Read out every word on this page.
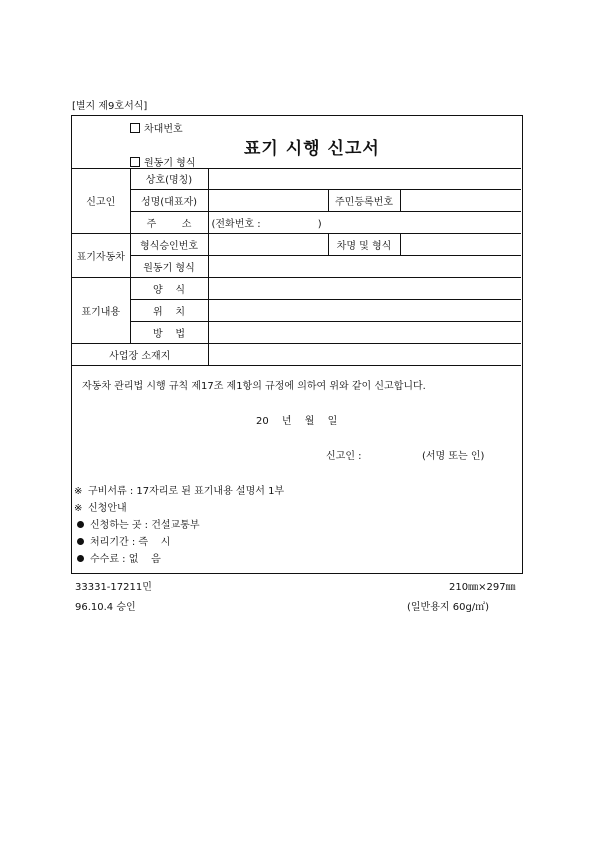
[별지 제9호서식]
차대번호
원동기 형식
표기 시행 신고서
신고인	상호(명칭)			
	성명(대표자)		주민등록번호	
	주        소	(전화번호 :                  )		
표기자동차	형식승인번호		차명 및 형식	
	원동기 형식			
표기내용	양    식			
	위    치			
	방    법			
사업장 소재지				
자동차 관리법 시행 규칙 제17조 제1항의 규정에 의하여 위와 같이 신고합니다.
20 년 월 일
신고인 :	(서명 또는 인)
※ 구비서류 : 17자리로 된 표기내용 설명서 1부
※ 신청안내
신청하는 곳 : 건설교통부
처리기간 : 즉    시
수수료 : 없    음
33331-17211민	210㎜×297㎜
96.10.4 승인	(일반용지 60g/㎡)
